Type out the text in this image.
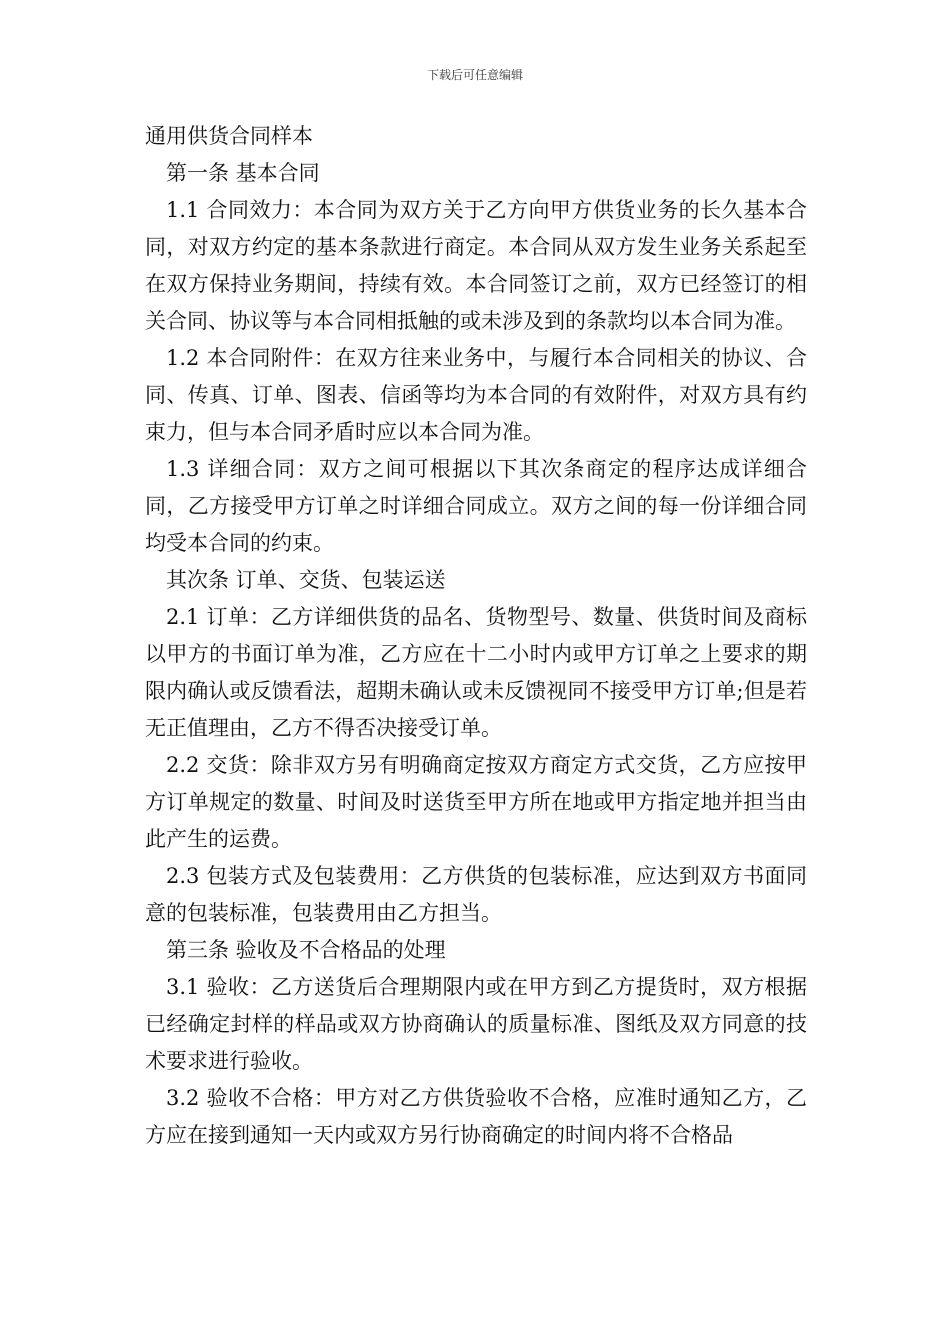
下载后可任意编辑

通用供货合同样本

第一条 基本合同

1.1 合同效力：本合同为双方关于乙方向甲方供货业务的长久基本合同，对双方约定的基本条款进行商定。本合同从双方发生业务关系起至在双方保持业务期间，持续有效。本合同签订之前，双方已经签订的相关合同、协议等与本合同相抵触的或未涉及到的条款均以本合同为准。

1.2 本合同附件：在双方往来业务中，与履行本合同相关的协议、合同、传真、订单、图表、信函等均为本合同的有效附件，对双方具有约束力，但与本合同矛盾时应以本合同为准。

1.3 详细合同：双方之间可根据以下其次条商定的程序达成详细合同，乙方接受甲方订单之时详细合同成立。双方之间的每一份详细合同均受本合同的约束。

其次条 订单、交货、包装运送

2.1 订单：乙方详细供货的品名、货物型号、数量、供货时间及商标以甲方的书面订单为准，乙方应在十二小时内或甲方订单之上要求的期限内确认或反馈看法，超期未确认或未反馈视同不接受甲方订单;但是若无正值理由，乙方不得否决接受订单。

2.2 交货：除非双方另有明确商定按双方商定方式交货，乙方应按甲方订单规定的数量、时间及时送货至甲方所在地或甲方指定地并担当由此产生的运费。

2.3 包装方式及包装费用：乙方供货的包装标准，应达到双方书面同意的包装标准，包装费用由乙方担当。

第三条 验收及不合格品的处理

3.1 验收：乙方送货后合理期限内或在甲方到乙方提货时，双方根据已经确定封样的样品或双方协商确认的质量标准、图纸及双方同意的技术要求进行验收。

3.2 验收不合格：甲方对乙方供货验收不合格，应准时通知乙方，乙方应在接到通知一天内或双方另行协商确定的时间内将不合格品
